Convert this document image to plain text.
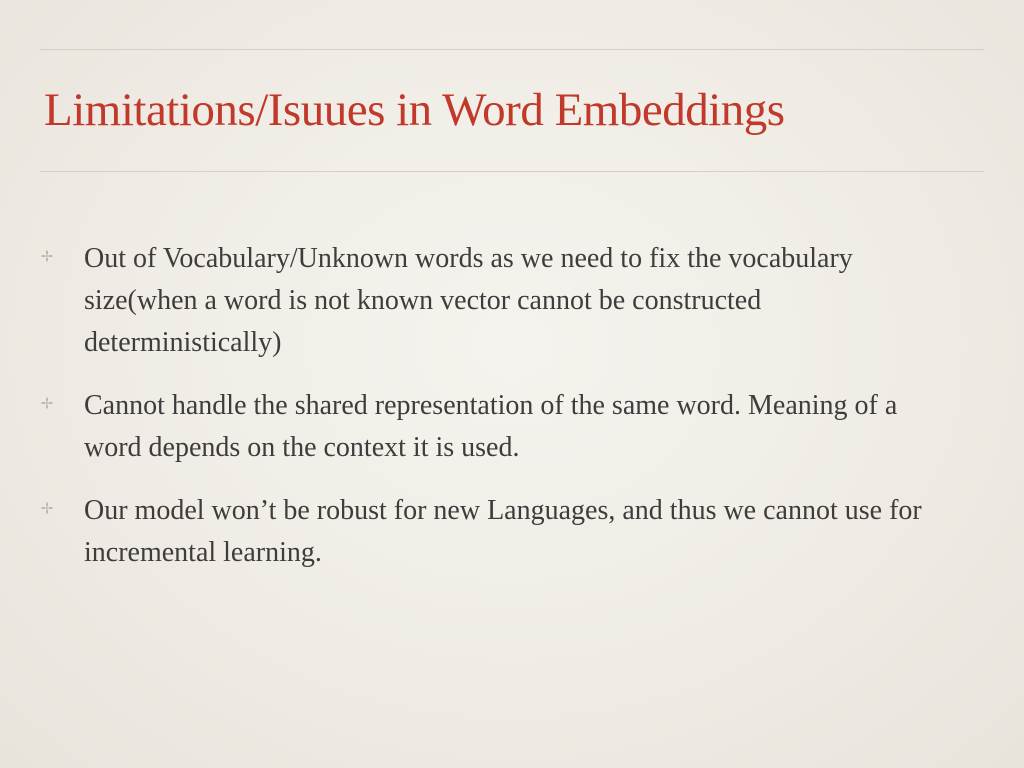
Limitations/Isuues in Word Embeddings
Out of Vocabulary/Unknown words as we need to fix the vocabulary size(when a word is not known vector cannot be constructed deterministically)
Cannot handle the shared representation of the same word. Meaning of a word depends on the context it is used.
Our model won’t be robust for new Languages, and thus we cannot use for incremental learning.
